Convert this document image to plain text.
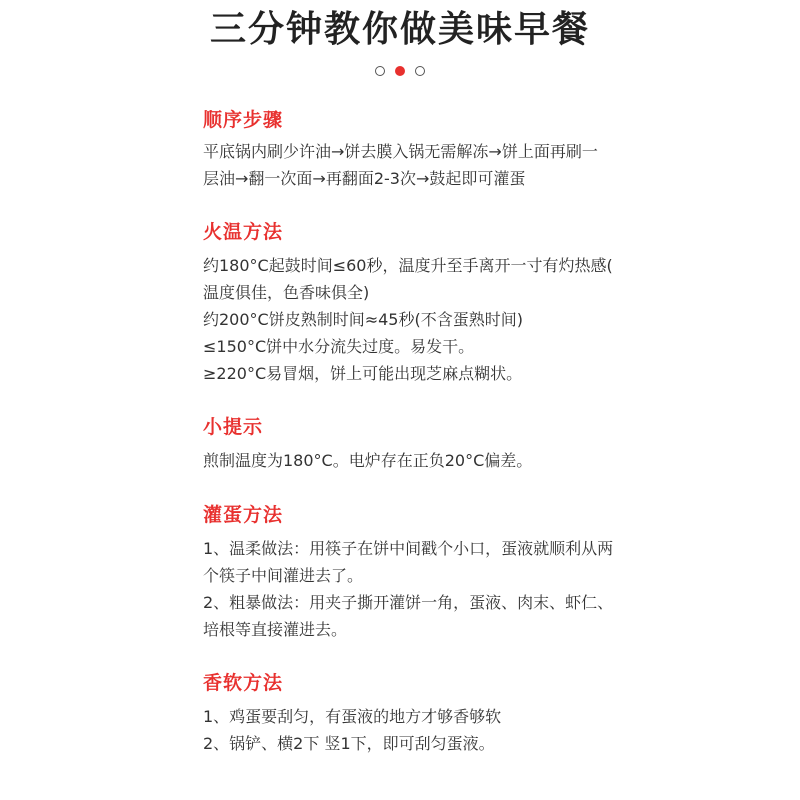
三分钟教你做美味早餐
顺序步骤
平底锅内刷少许油→饼去膜入锅无需解冻→饼上面再刷一
层油→翻一次面→再翻面2-3次→鼓起即可灌蛋
火温方法
约180°C起鼓时间≤60秒，温度升至手离开一寸有灼热感(
温度俱佳，色香味俱全)
约200°C饼皮熟制时间≈45秒(不含蛋熟时间)
≤150°C饼中水分流失过度。易发干。
≥220°C易冒烟，饼上可能出现芝麻点糊状。
小提示
煎制温度为180°C。电炉存在正负20°C偏差。
灌蛋方法
1、温柔做法：用筷子在饼中间戳个小口，蛋液就顺利从两
个筷子中间灌进去了。
2、粗暴做法：用夹子撕开灌饼一角，蛋液、肉末、虾仁、
培根等直接灌进去。
香软方法
1、鸡蛋要刮匀，有蛋液的地方才够香够软
2、锅铲、横2下 竖1下，即可刮匀蛋液。
